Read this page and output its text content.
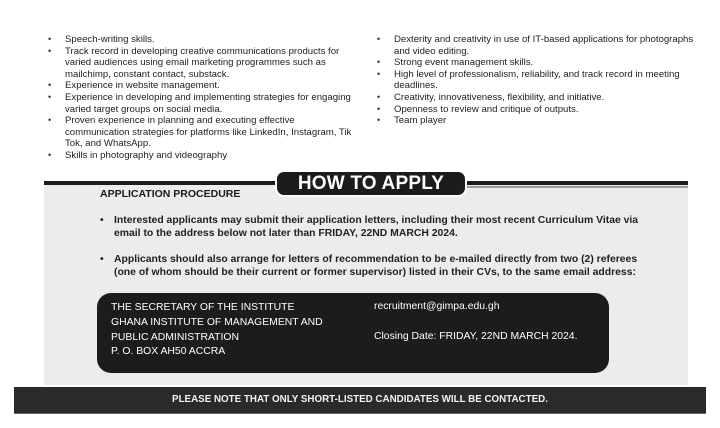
• Speech-writing skills.
• Track record in developing creative communications products for varied audiences using email marketing programmes such as mailchimp, constant contact, substack.
• Experience in website management.
• Experience in developing and implementing strategies for engaging varied target groups on social media.
• Proven experience in planning and executing effective communication strategies for platforms like LinkedIn, Instagram, Tik Tok, and WhatsApp.
• Skills in photography and videography
• Dexterity and creativity in use of IT-based applications for photographs and video editing.
• Strong event management skills.
• High level of professionalism, reliability, and track record in meeting deadlines.
• Creativity, innovativeness, flexibility, and initiative.
• Openness to review and critique of outputs.
• Team player
HOW TO APPLY
APPLICATION PROCEDURE
• Interested applicants may submit their application letters, including their most recent Curriculum Vitae via email to the address below not later than FRIDAY, 22ND MARCH 2024.
• Applicants should also arrange for letters of recommendation to be e-mailed directly from two (2) referees (one of whom should be their current or former supervisor) listed in their CVs, to the same email address:
THE SECRETARY OF THE INSTITUTE
GHANA INSTITUTE OF MANAGEMENT AND
PUBLIC ADMINISTRATION
P. O. BOX AH50 ACCRA
recruitment@gimpa.edu.gh
Closing Date: FRIDAY, 22ND MARCH 2024.
PLEASE NOTE THAT ONLY SHORT-LISTED CANDIDATES WILL BE CONTACTED.
